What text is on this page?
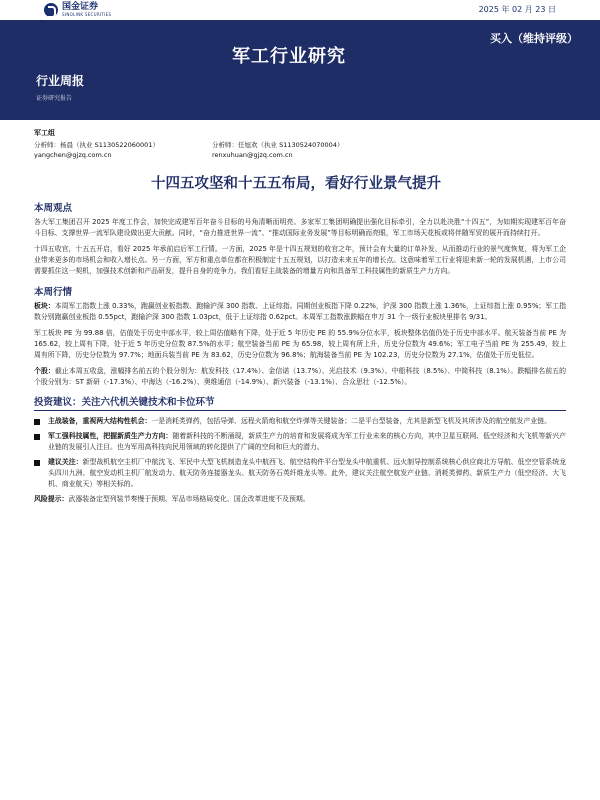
国金证券
SINOLINK SECURITIES
2025 年 02 月 23 日
买入（维持评级）
军工行业研究
行业周报
证券研究报告
军工组
分析师：杨晨（执业 S1130522060001）
yangchen@gjzq.com.cn
分析师：任旭欢（执业 S1130524070004）
renxuhuan@gjzq.com.cn
十四五攻坚和十五五布局，看好行业景气提升
本周观点

各大军工集团召开 2025 年度工作会，加快完成建军百年奋斗目标的号角清晰而明亮。多家军工集团明确提出强化目标牵引，全力以赴决胜“十四五”，为如期实现建军百年奋斗目标、支撑世界一流军队建设做出更大贡献。同时，“奋力推进世界一流”、“推动国际业务发展”等目标明确而亮眼，军工市场天花板或将伴随军贸的展开而持续打开。

十四五收官，十五五开启，看好 2025 年承前启后军工行情。一方面，2025 年是十四五规划的收官之年，预计会有大量的订单补发，从而推动行业的景气度恢复，将为军工企业带来更多的市场机会和收入增长点。另一方面，军方和重点单位都在积极制定十五五规划，以打造未来五年的增长点。这意味着军工行业将迎来新一轮的发展机遇，上市公司需要抓住这一契机，加强技术创新和产品研发，提升自身的竞争力。我们看好主战装备的增量方向和具备军工科技属性的新质生产力方向。

本周行情

板块：本周军工指数上涨 0.33%，跑赢创业板指数、跑输沪深 300 指数、上证综指。同期创业板指下降 0.22%，沪深 300 指数上涨 1.36%，上证综指上涨 0.95%；军工指数分别跑赢创业板指 0.55pct，跑输沪深 300 指数 1.03pct，低于上证综指 0.62pct。本周军工指数涨跌幅在申万 31 个一级行业板块里排名 9/31。

军工板块 PE 为 99.88 倍，估值处于历史中部水平，较上周估值略有下降，处于近 5 年历史 PE 的 55.9%分位水平，板块整体估值仍处于历史中部水平。航天装备当前 PE 为 165.62，较上周有下降，处于近 5 年历史分位数 87.5%的水平；航空装备当前 PE 为 65.98，较上周有所上升，历史分位数为 49.6%；军工电子当前 PE 为 255.49，较上周有所下降，历史分位数为 97.7%；地面兵装当前 PE 为 83.62，历史分位数为 96.8%；航海装备当前 PE 为 102.23，历史分位数为 27.1%，估值处于历史低位。

个股：截止本周五收盘，涨幅排名前五的个股分别为：航发科技（17.4%）、金信诺（13.7%）、光启技术（9.3%）、中船科技（8.5%）、中简科技（8.1%）。跌幅排名前五的个股分别为：ST 新研（-17.3%）、中海达（-16.2%）、奥维通信（-14.9%）、新兴装备（-13.1%）、合众思壮（-12.5%）。

投资建议：关注六代机关键技术和卡位环节
主战装备，重视两大结构性机会：一是消耗类弹药，包括导弹、远程火箭炮和航空炸弹等关键装备；二是平台型装备，尤其是新型飞机及其所涉及的航空航发产业链。
军工强科技属性，把握新质生产力方向：随着新科技的不断涌现，新质生产力的培育和发展将成为军工行业未来的核心方向，其中卫星互联网、低空经济和大飞机等新兴产业链的发展引人注目。也为军用高科技向民用领域的转化提供了广阔的空间和巨大的潜力。
建议关注：新型战机航空主机厂中航沈飞、军民中大型飞机制造龙头中航西飞、航空结构件平台型龙头中航重机、远火制导控制系统核心供应商北方导航、低空空管系统龙头四川九洲、航空发动机主机厂航发动力、航天防务连接器龙头、航天防务石英纤维龙头等。此外，建议关注航空航发产业链、消耗类弹药、新质生产力（低空经济、大飞机、商业航天）等相关标的。

风险提示：武器装备定型列装节奏慢于预期、军品市场格局变化、国企改革进度不及预期。
